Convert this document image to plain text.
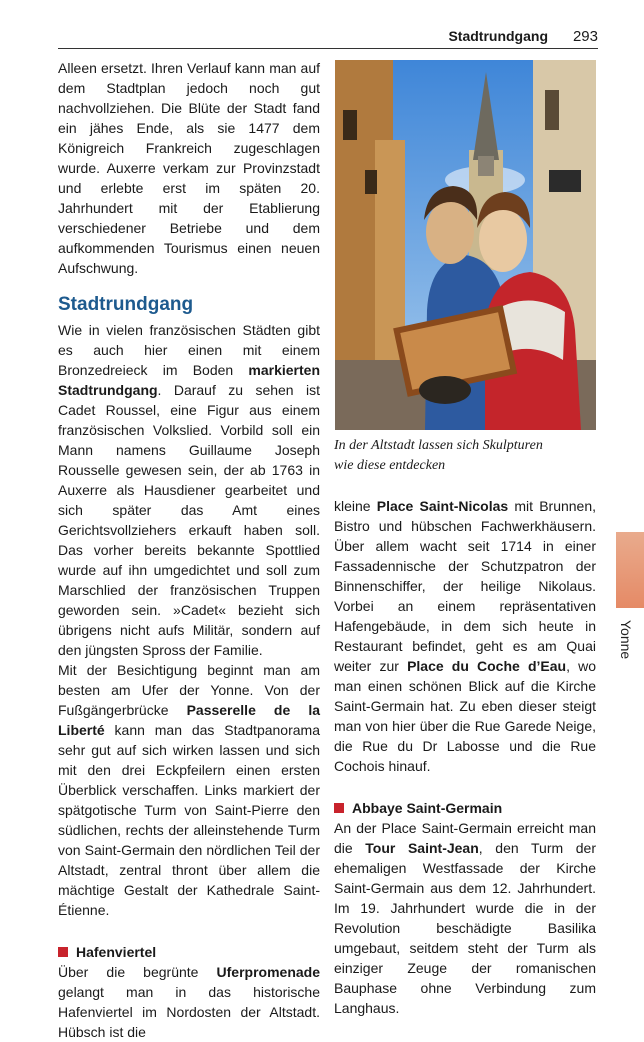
Stadtrundgang 293

Alleen ersetzt. Ihren Verlauf kann man auf dem Stadtplan jedoch noch gut nachvollziehen. Die Blüte der Stadt fand ein jähes Ende, als sie 1477 dem Königreich Frankreich zugeschlagen wurde. Auxerre verkam zur Provinzstadt und erlebte erst im späten 20. Jahrhundert mit der Etablierung verschiedener Betriebe und dem aufkommenden Tourismus einen neuen Aufschwung.

Stadtrundgang

Wie in vielen französischen Städten gibt es auch hier einen mit einem Bronzedreieck im Boden markierten Stadtrundgang. Darauf zu sehen ist Cadet Roussel, eine Figur aus einem französischen Volkslied. Vorbild soll ein Mann namens Guillaume Joseph Rousselle gewesen sein, der ab 1763 in Auxerre als Hausdiener gearbeitet und sich später das Amt eines Gerichtsvollziehers erkauft haben soll. Das vorher bereits bekannte Spottlied wurde auf ihn umgedichtet und soll zum Marschlied der französischen Truppen geworden sein. »Cadet« bezieht sich übrigens nicht aufs Militär, sondern auf den jüngsten Spross der Familie.

Mit der Besichtigung beginnt man am besten am Ufer der Yonne. Von der Fußgängerbrücke Passerelle de la Liberté kann man das Stadtpanorama sehr gut auf sich wirken lassen und sich mit den drei Eckpfeilern einen ersten Überblick verschaffen. Links markiert der spätgotische Turm von Saint-Pierre den südlichen, rechts der alleinstehende Turm von Saint-Germain den nördlichen Teil der Altstadt, zentral thront über allem die mächtige Gestalt der Kathedrale Saint-Étienne.

Hafenviertel

Über die begrünte Uferpromenade gelangt man in das historische Hafenviertel im Nordosten der Altstadt. Hübsch ist die

In der Altstadt lassen sich Skulpturen
wie diese entdecken

kleine Place Saint-Nicolas mit Brunnen, Bistro und hübschen Fachwerkhäusern. Über allem wacht seit 1714 in einer Fassadennische der Schutzpatron der Binnenschiffer, der heilige Nikolaus. Vorbei an einem repräsentativen Hafengebäude, in dem sich heute in Restaurant befindet, geht es am Quai weiter zur Place du Coche d’Eau, wo man einen schönen Blick auf die Kirche Saint-Germain hat. Zu eben dieser steigt man von hier über die Rue Garede Neige, die Rue du Dr Labosse und die Rue Cochois hinauf.

Abbaye Saint-Germain

An der Place Saint-Germain erreicht man die Tour Saint-Jean, den Turm der ehemaligen Westfassade der Kirche Saint-Germain aus dem 12. Jahrhundert. Im 19. Jahrhundert wurde die in der Revolution beschädigte Basilika umgebaut, seitdem steht der Turm als einziger Zeuge der romanischen Bauphase ohne Verbindung zum Langhaus.

Yonne
